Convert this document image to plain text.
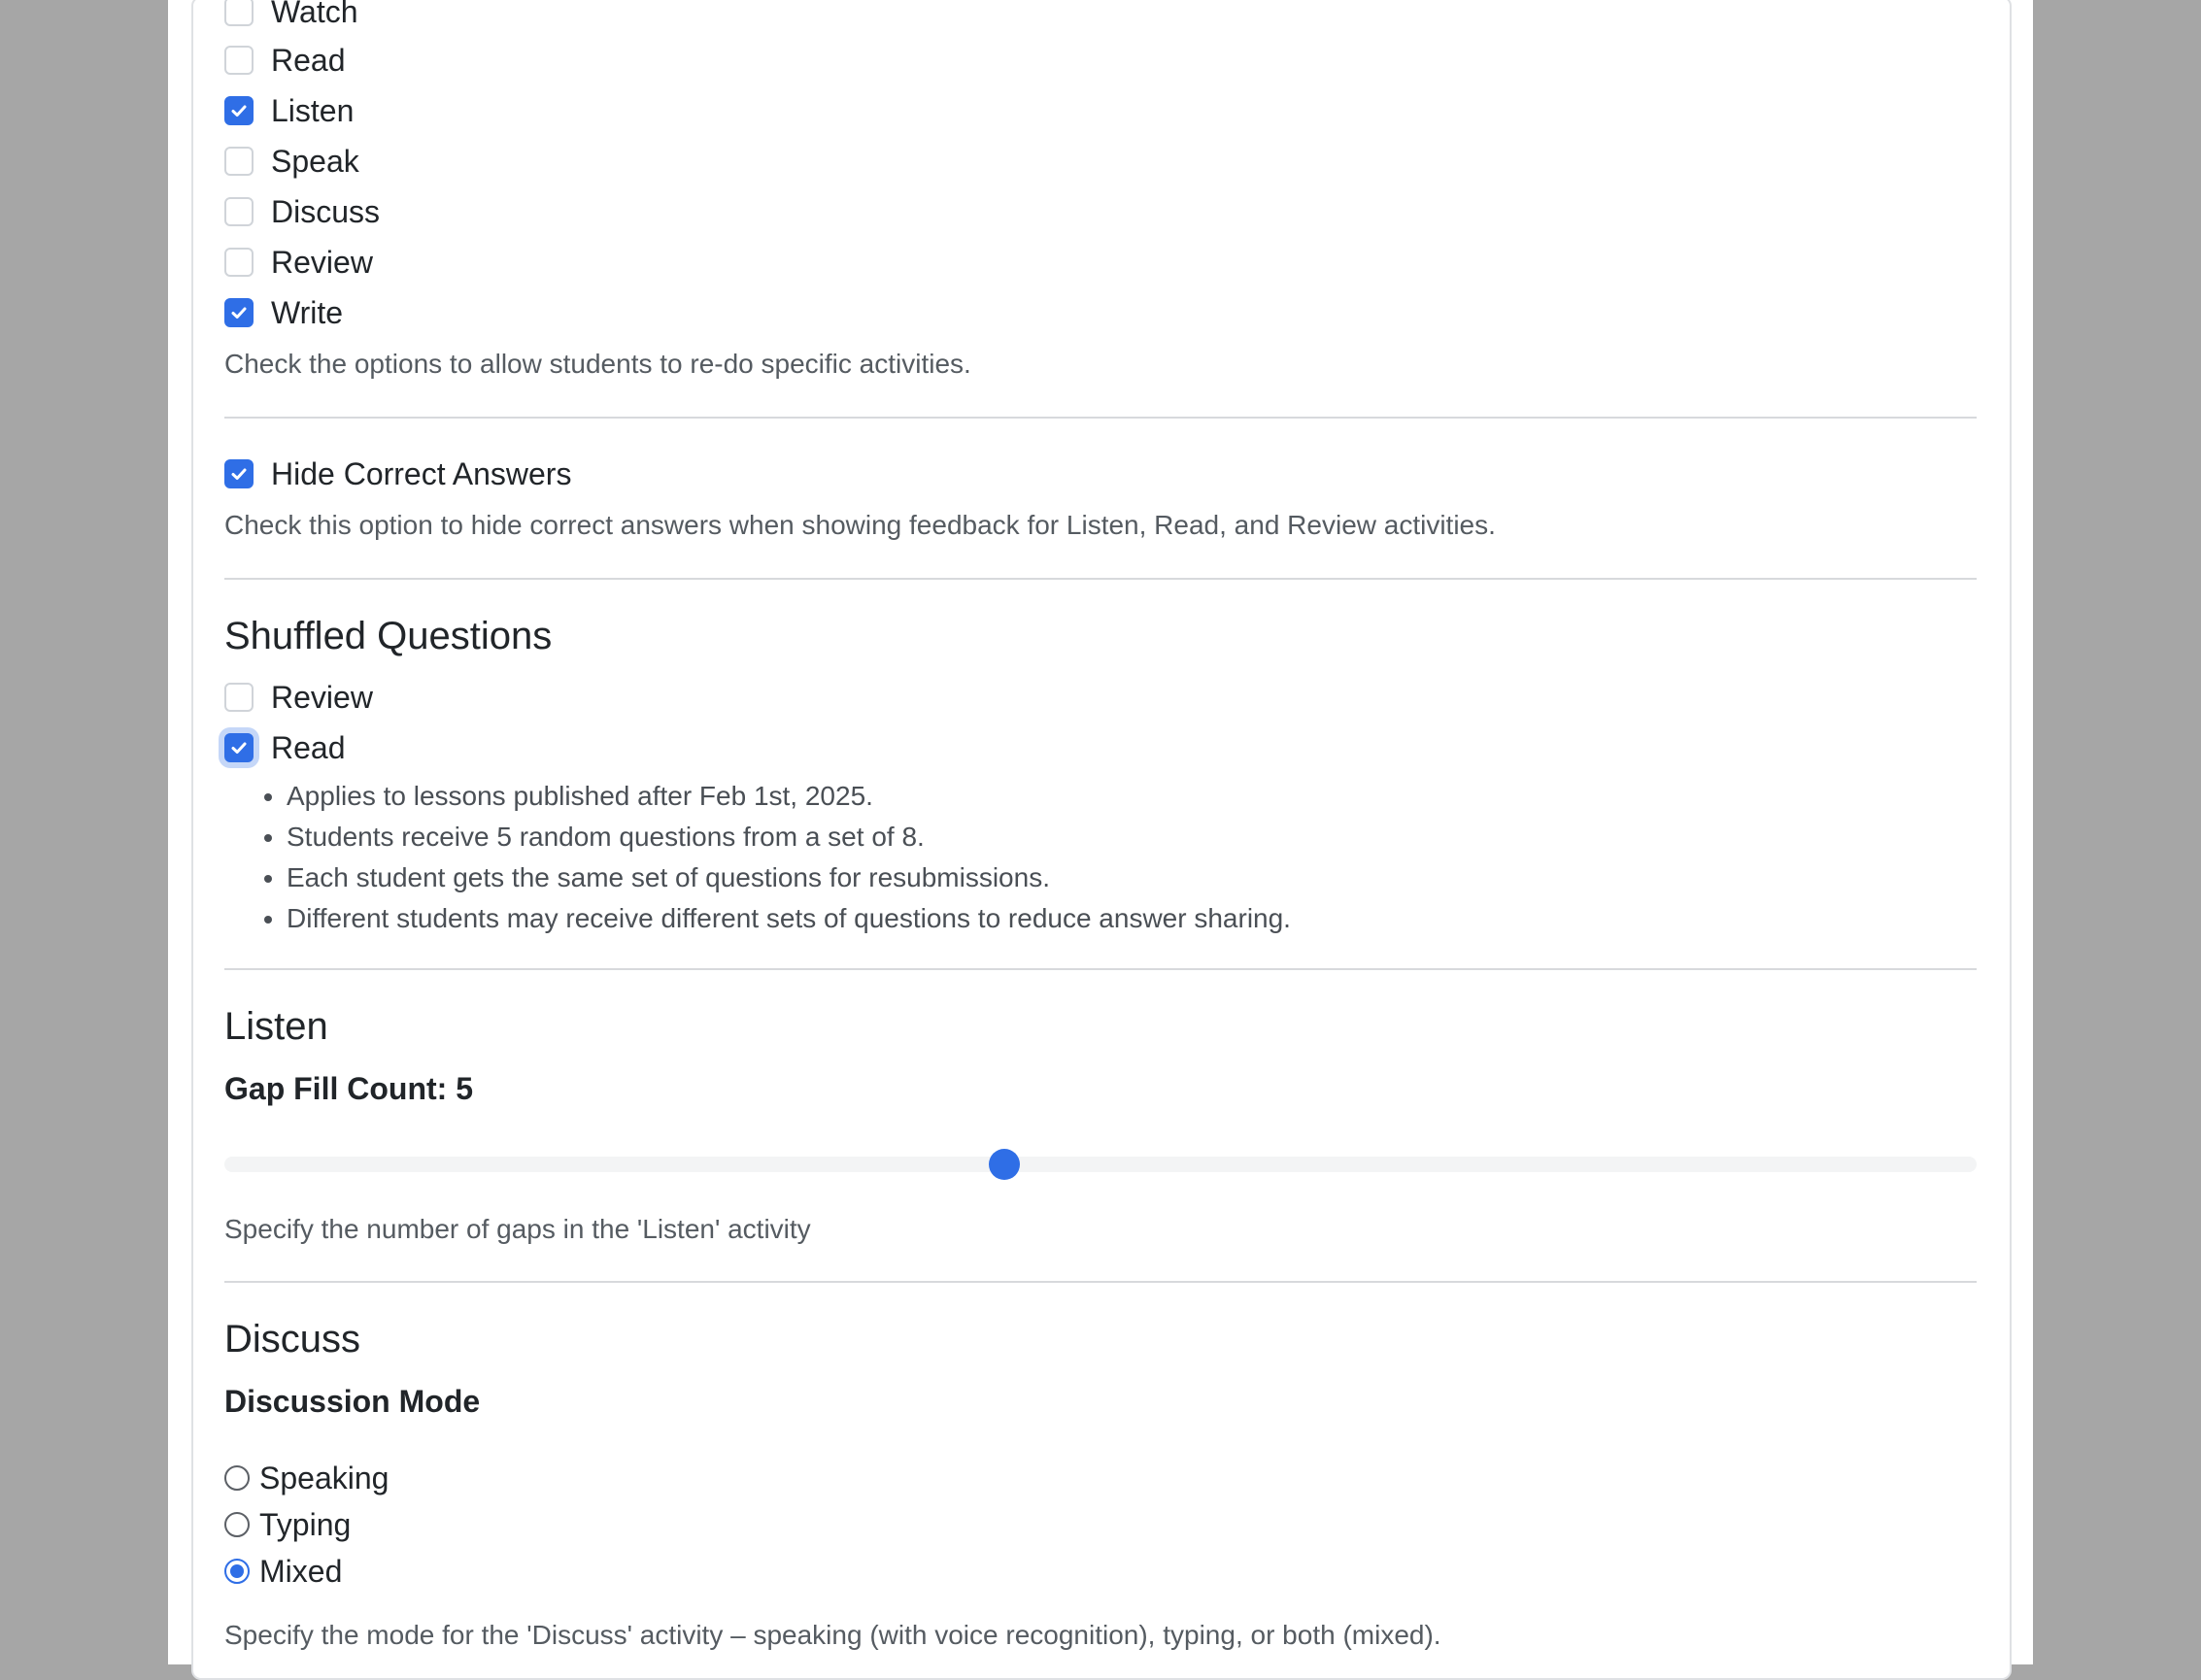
Watch
Read
Listen
Speak
Discuss
Review
Write
Check the options to allow students to re-do specific activities.
Hide Correct Answers
Check this option to hide correct answers when showing feedback for Listen, Read, and Review activities.
Shuffled Questions
Review
Read
• Applies to lessons published after Feb 1st, 2025.
• Students receive 5 random questions from a set of 8.
• Each student gets the same set of questions for resubmissions.
• Different students may receive different sets of questions to reduce answer sharing.
Listen
Gap Fill Count: 5
Specify the number of gaps in the 'Listen' activity
Discuss
Discussion Mode
Speaking
Typing
Mixed
Specify the mode for the 'Discuss' activity – speaking (with voice recognition), typing, or both (mixed).
